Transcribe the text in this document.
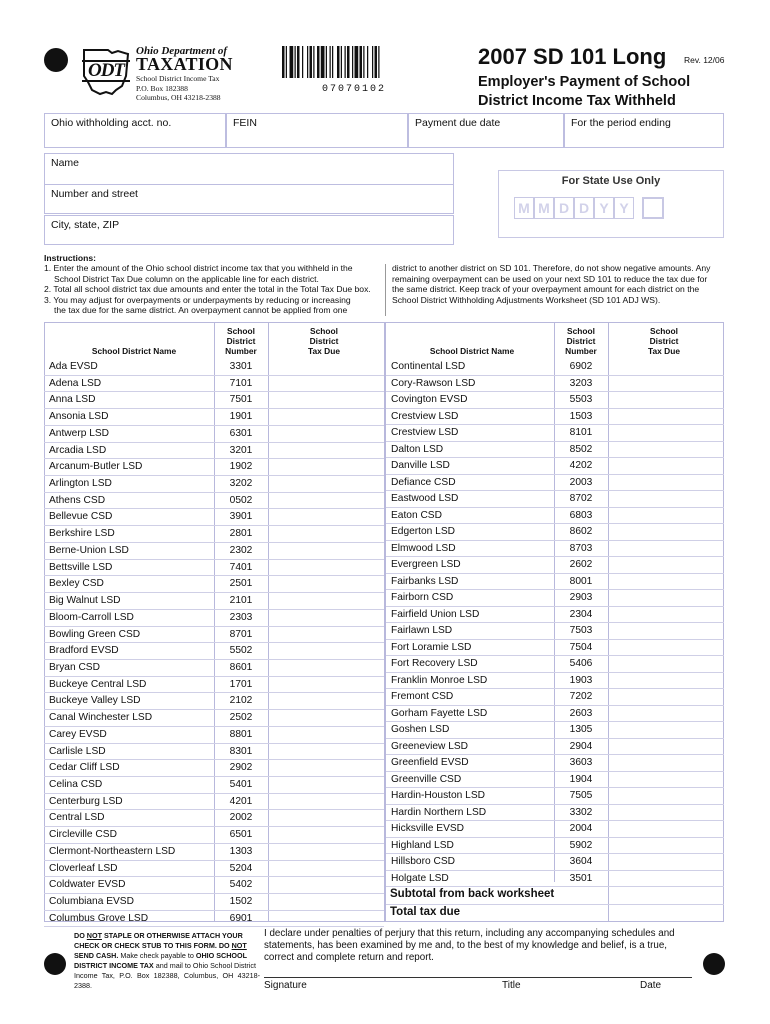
ODT
Ohio Department of
TAXATION
School District Income Tax
P.O. Box 182388
Columbus, OH 43218-2388
07070102
2007 SD 101 Long Rev. 12/06
Employer's Payment of School
District Income Tax Withheld
Ohio withholding acct. no.	FEIN	Payment due date	For the period ending
Name
Number and street
City, state, ZIP
For State Use Only
M M D D Y Y
Instructions:
1. Enter the amount of the Ohio school district income tax that you withheld in the
School District Tax Due column on the applicable line for each district.
2. Total all school district tax due amounts and enter the total in the Total Tax Due box.
3. You may adjust for overpayments or underpayments by reducing or increasing
the tax due for the same district. An overpayment cannot be applied from one
district to another district on SD 101. Therefore, do not show negative amounts. Any
remaining overpayment can be used on your next SD 101 to reduce the tax due for
the same district. Keep track of your overpayment amount for each district on the
School District Withholding Adjustments Worksheet (SD 101 ADJ WS).
School District Name
School
District
Number
School
District
Tax Due	School District Name
School
District
Number
School
District
Tax Due
Ada EVSD	3301
Adena LSD	7101
Anna LSD	7501
Ansonia LSD	1901
Antwerp LSD	6301
Arcadia LSD	3201
Arcanum-Butler LSD	1902
Arlington LSD	3202
Athens CSD	0502
Bellevue CSD	3901
Berkshire LSD	2801
Berne-Union LSD	2302
Bettsville LSD	7401
Bexley CSD	2501
Big Walnut LSD	2101
Bloom-Carroll LSD	2303
Bowling Green CSD	8701
Bradford EVSD	5502
Bryan CSD	8601
Buckeye Central LSD	1701
Buckeye Valley LSD	2102
Canal Winchester LSD	2502
Carey EVSD	8801
Carlisle LSD	8301
Cedar Cliff LSD	2902
Celina CSD	5401
Centerburg LSD	4201
Central LSD	2002
Circleville CSD	6501
Clermont-Northeastern LSD	1303
Cloverleaf LSD	5204
Coldwater EVSD	5402
Columbiana EVSD	1502
Columbus Grove LSD	6901
Continental LSD	6902
Cory-Rawson LSD	3203
Covington EVSD	5503
Crestview LSD	1503
Crestview LSD	8101
Dalton LSD	8502
Danville LSD	4202
Defiance CSD	2003
Eastwood LSD	8702
Eaton CSD	6803
Edgerton LSD	8602
Elmwood LSD	8703
Evergreen LSD	2602
Fairbanks LSD	8001
Fairborn CSD	2903
Fairfield Union LSD	2304
Fairlawn LSD	7503
Fort Loramie LSD	7504
Fort Recovery LSD	5406
Franklin Monroe LSD	1903
Fremont CSD	7202
Gorham Fayette LSD	2603
Goshen LSD	1305
Greeneview LSD	2904
Greenfield EVSD	3603
Greenville CSD	1904
Hardin-Houston LSD	7505
Hardin Northern LSD	3302
Hicksville EVSD	2004
Highland LSD	5902
Hillsboro CSD	3604
Holgate LSD	3501
Subtotal from back worksheet
Total tax due
DO NOT STAPLE OR OTHERWISE ATTACH YOUR
CHECK OR CHECK STUB TO THIS FORM. DO NOT
SEND CASH. Make check payable to OHIO SCHOOL
DISTRICT INCOME TAX and mail to Ohio School District
Income Tax, P.O. Box 182388, Columbus, OH 43218-2388.
I declare under penalties of perjury that this return, including any accompanying schedules and
statements, has been examined by me and, to the best of my knowledge and belief, is a true,
correct and complete return and report.
Signature	Title	Date
